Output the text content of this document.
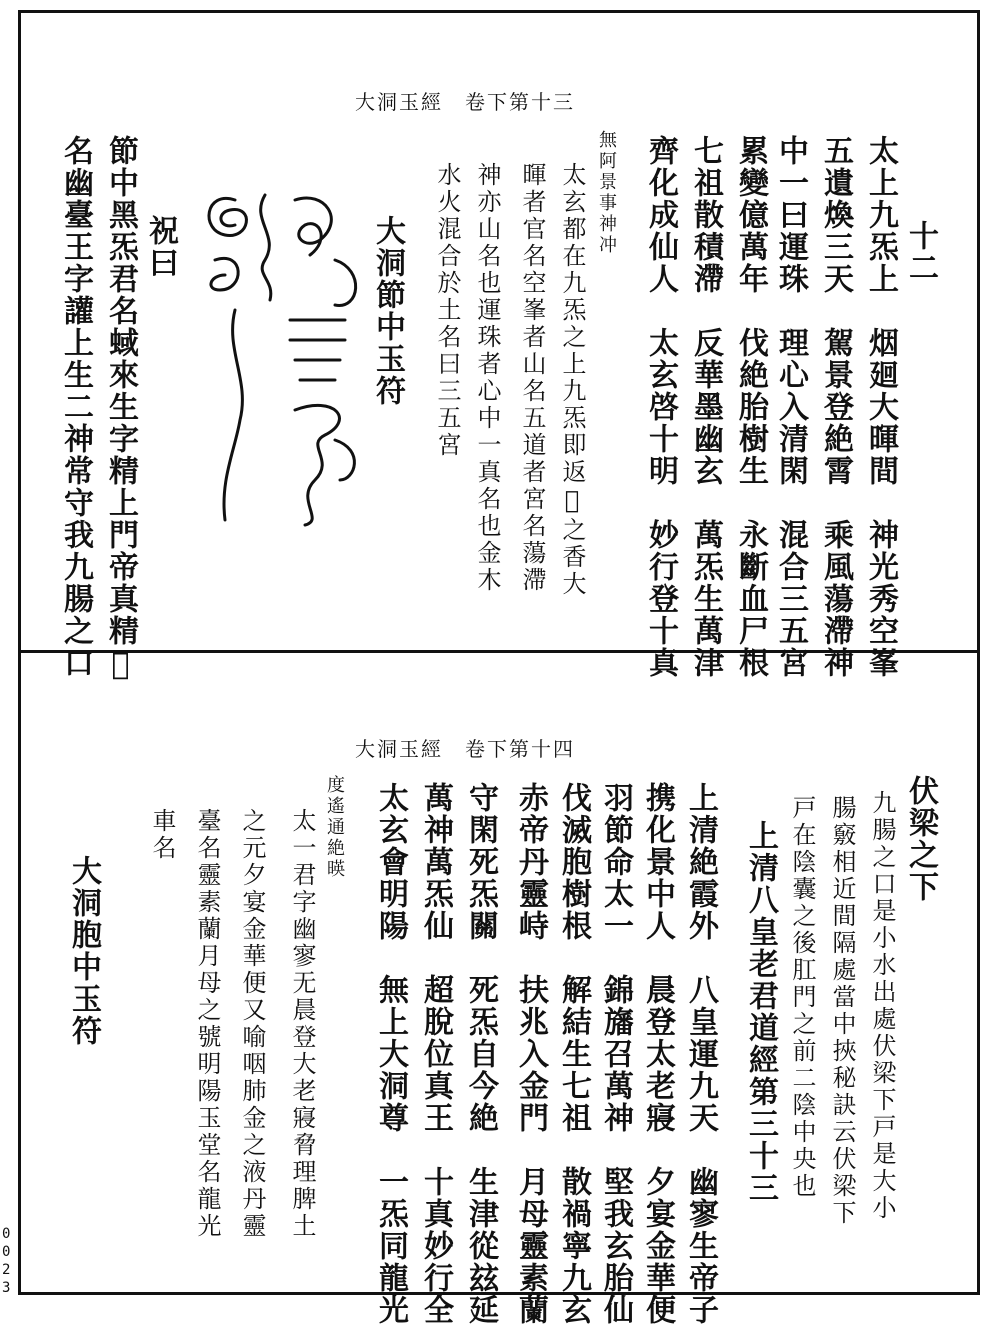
大洞玉經　卷下第十三
十二
太上九炁上　烟廻大暉間　神光秀空峯
五遺煥三天　駕景登絶霄　乘風蕩滯神
中一曰運珠　理心入清閑　混合三五宮
累變億萬年　伐絶胎樹生　永斷血尸根
七祖散積滯　反華墨幽玄　萬炁生萬津
齊化成仙人　太玄啓十明　妙行登十真
無阿景事神冲
太玄都在九炁之上九炁即返𩲸之香大
暉者官名空峯者山名五道者宮名蕩滯
神亦山名也運珠者心中一真名也金木
水火混合於土名曰三五宮
大洞節中玉符
祝曰
節中黑炁君名蜮來生字精上門帝真精𩲸
名幽臺王字讙上生二神常守我九腸之口
大洞玉經　卷下第十四
伏梁之下
九腸之口是小水出處伏梁下戸是大小
腸竅相近間隔處當中挾秘訣云伏梁下
戸在陰囊之後肛門之前二陰中央也
上清八皇老君道經第三十三
上清絶霞外　八皇運九天　幽寥生帝子
携化景中人　晨登太老寢　夕宴金華便
羽節命太一　錦旛召萬神　堅我玄胎仙
伐滅胞樹根　解結生七祖　散禍寧九玄
赤帝丹靈峙　扶兆入金門　月母靈素蘭
守閑死炁關　死炁自今絶　生津從玆延
萬神萬炁仙　超脫位真王　十真妙行全
太玄會明陽　無上大洞尊　一炁同龍光
度遙通絶暎
太一君字幽寥无晨登大老寢脅理脾土
之元夕宴金華便又喻咽肺金之液丹靈
臺名靈素蘭月母之號明陽玉堂名龍光
車名
大洞胞中玉符
0
0
2
3
